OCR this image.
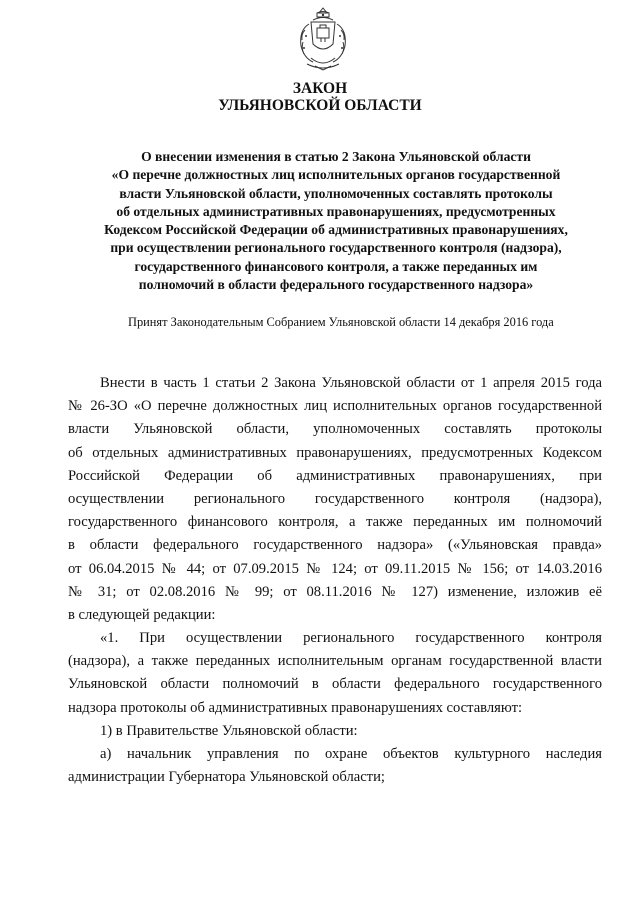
ЗАКОН
УЛЬЯНОВСКОЙ ОБЛАСТИ
О внесении изменения в статью 2 Закона Ульяновской области
«О перечне должностных лиц исполнительных органов государственной
власти Ульяновской области, уполномоченных составлять протоколы
об отдельных административных правонарушениях, предусмотренных
Кодексом Российской Федерации об административных правонарушениях,
при осуществлении регионального государственного контроля (надзора),
государственного финансового контроля, а также переданных им
полномочий в области федерального государственного надзора»
Принят Законодательным Собранием Ульяновской области 14 декабря 2016 года
Внести в часть 1 статьи 2 Закона Ульяновской области от 1 апреля 2015 года
№ 26-ЗО «О перечне должностных лиц исполнительных органов государственной
власти Ульяновской области, уполномоченных составлять протоколы
об отдельных административных правонарушениях, предусмотренных Кодексом
Российской Федерации об административных правонарушениях, при
осуществлении регионального государственного контроля (надзора),
государственного финансового контроля, а также переданных им полномочий
в области федерального государственного надзора» («Ульяновская правда»
от 06.04.2015 № 44; от 07.09.2015 № 124; от 09.11.2015 № 156; от 14.03.2016
№ 31; от 02.08.2016 № 99; от 08.11.2016 № 127) изменение, изложив её
в следующей редакции:
«1. При осуществлении регионального государственного контроля
(надзора), а также переданных исполнительным органам государственной власти
Ульяновской области полномочий в области федерального государственного
надзора протоколы об административных правонарушениях составляют:
1) в Правительстве Ульяновской области:
а) начальник управления по охране объектов культурного наследия
администрации Губернатора Ульяновской области;
